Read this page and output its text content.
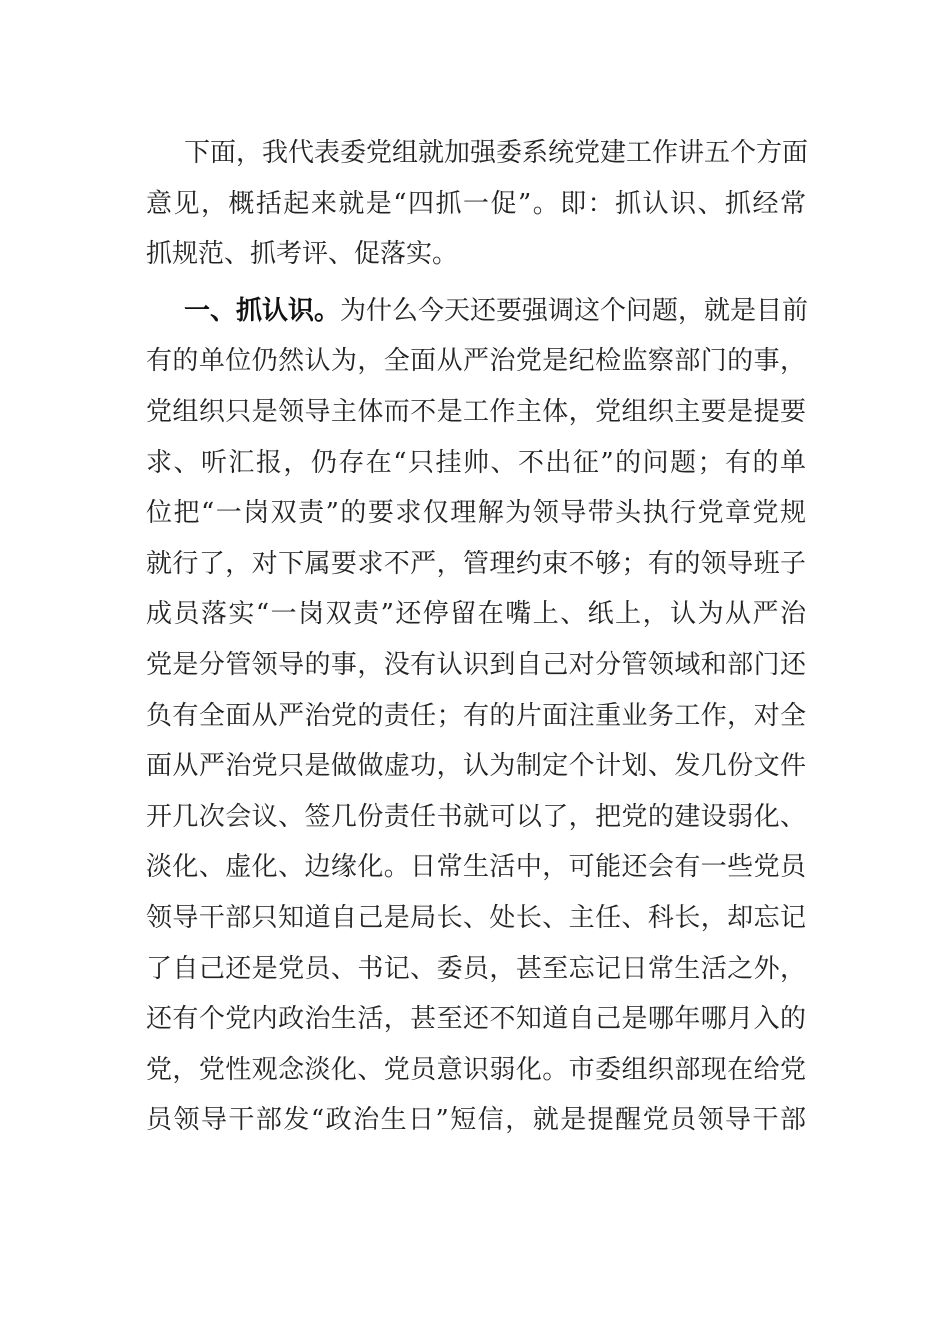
下面，我代表委党组就加强委系统党建工作讲五个方面
意见，概括起来就是“四抓一促”。即：抓认识、抓经常
抓规范、抓考评、促落实。
一、抓认识。为什么今天还要强调这个问题，就是目前
有的单位仍然认为，全面从严治党是纪检监察部门的事，
党组织只是领导主体而不是工作主体，党组织主要是提要
求、听汇报，仍存在“只挂帅、不出征”的问题；有的单
位把“一岗双责”的要求仅理解为领导带头执行党章党规
就行了，对下属要求不严，管理约束不够；有的领导班子
成员落实“一岗双责”还停留在嘴上、纸上，认为从严治
党是分管领导的事，没有认识到自己对分管领域和部门还
负有全面从严治党的责任；有的片面注重业务工作，对全
面从严治党只是做做虚功，认为制定个计划、发几份文件
开几次会议、签几份责任书就可以了，把党的建设弱化、
淡化、虚化、边缘化。日常生活中，可能还会有一些党员
领导干部只知道自己是局长、处长、主任、科长，却忘记
了自己还是党员、书记、委员，甚至忘记日常生活之外，
还有个党内政治生活，甚至还不知道自己是哪年哪月入的
党，党性观念淡化、党员意识弱化。市委组织部现在给党
员领导干部发“政治生日”短信，就是提醒党员领导干部
